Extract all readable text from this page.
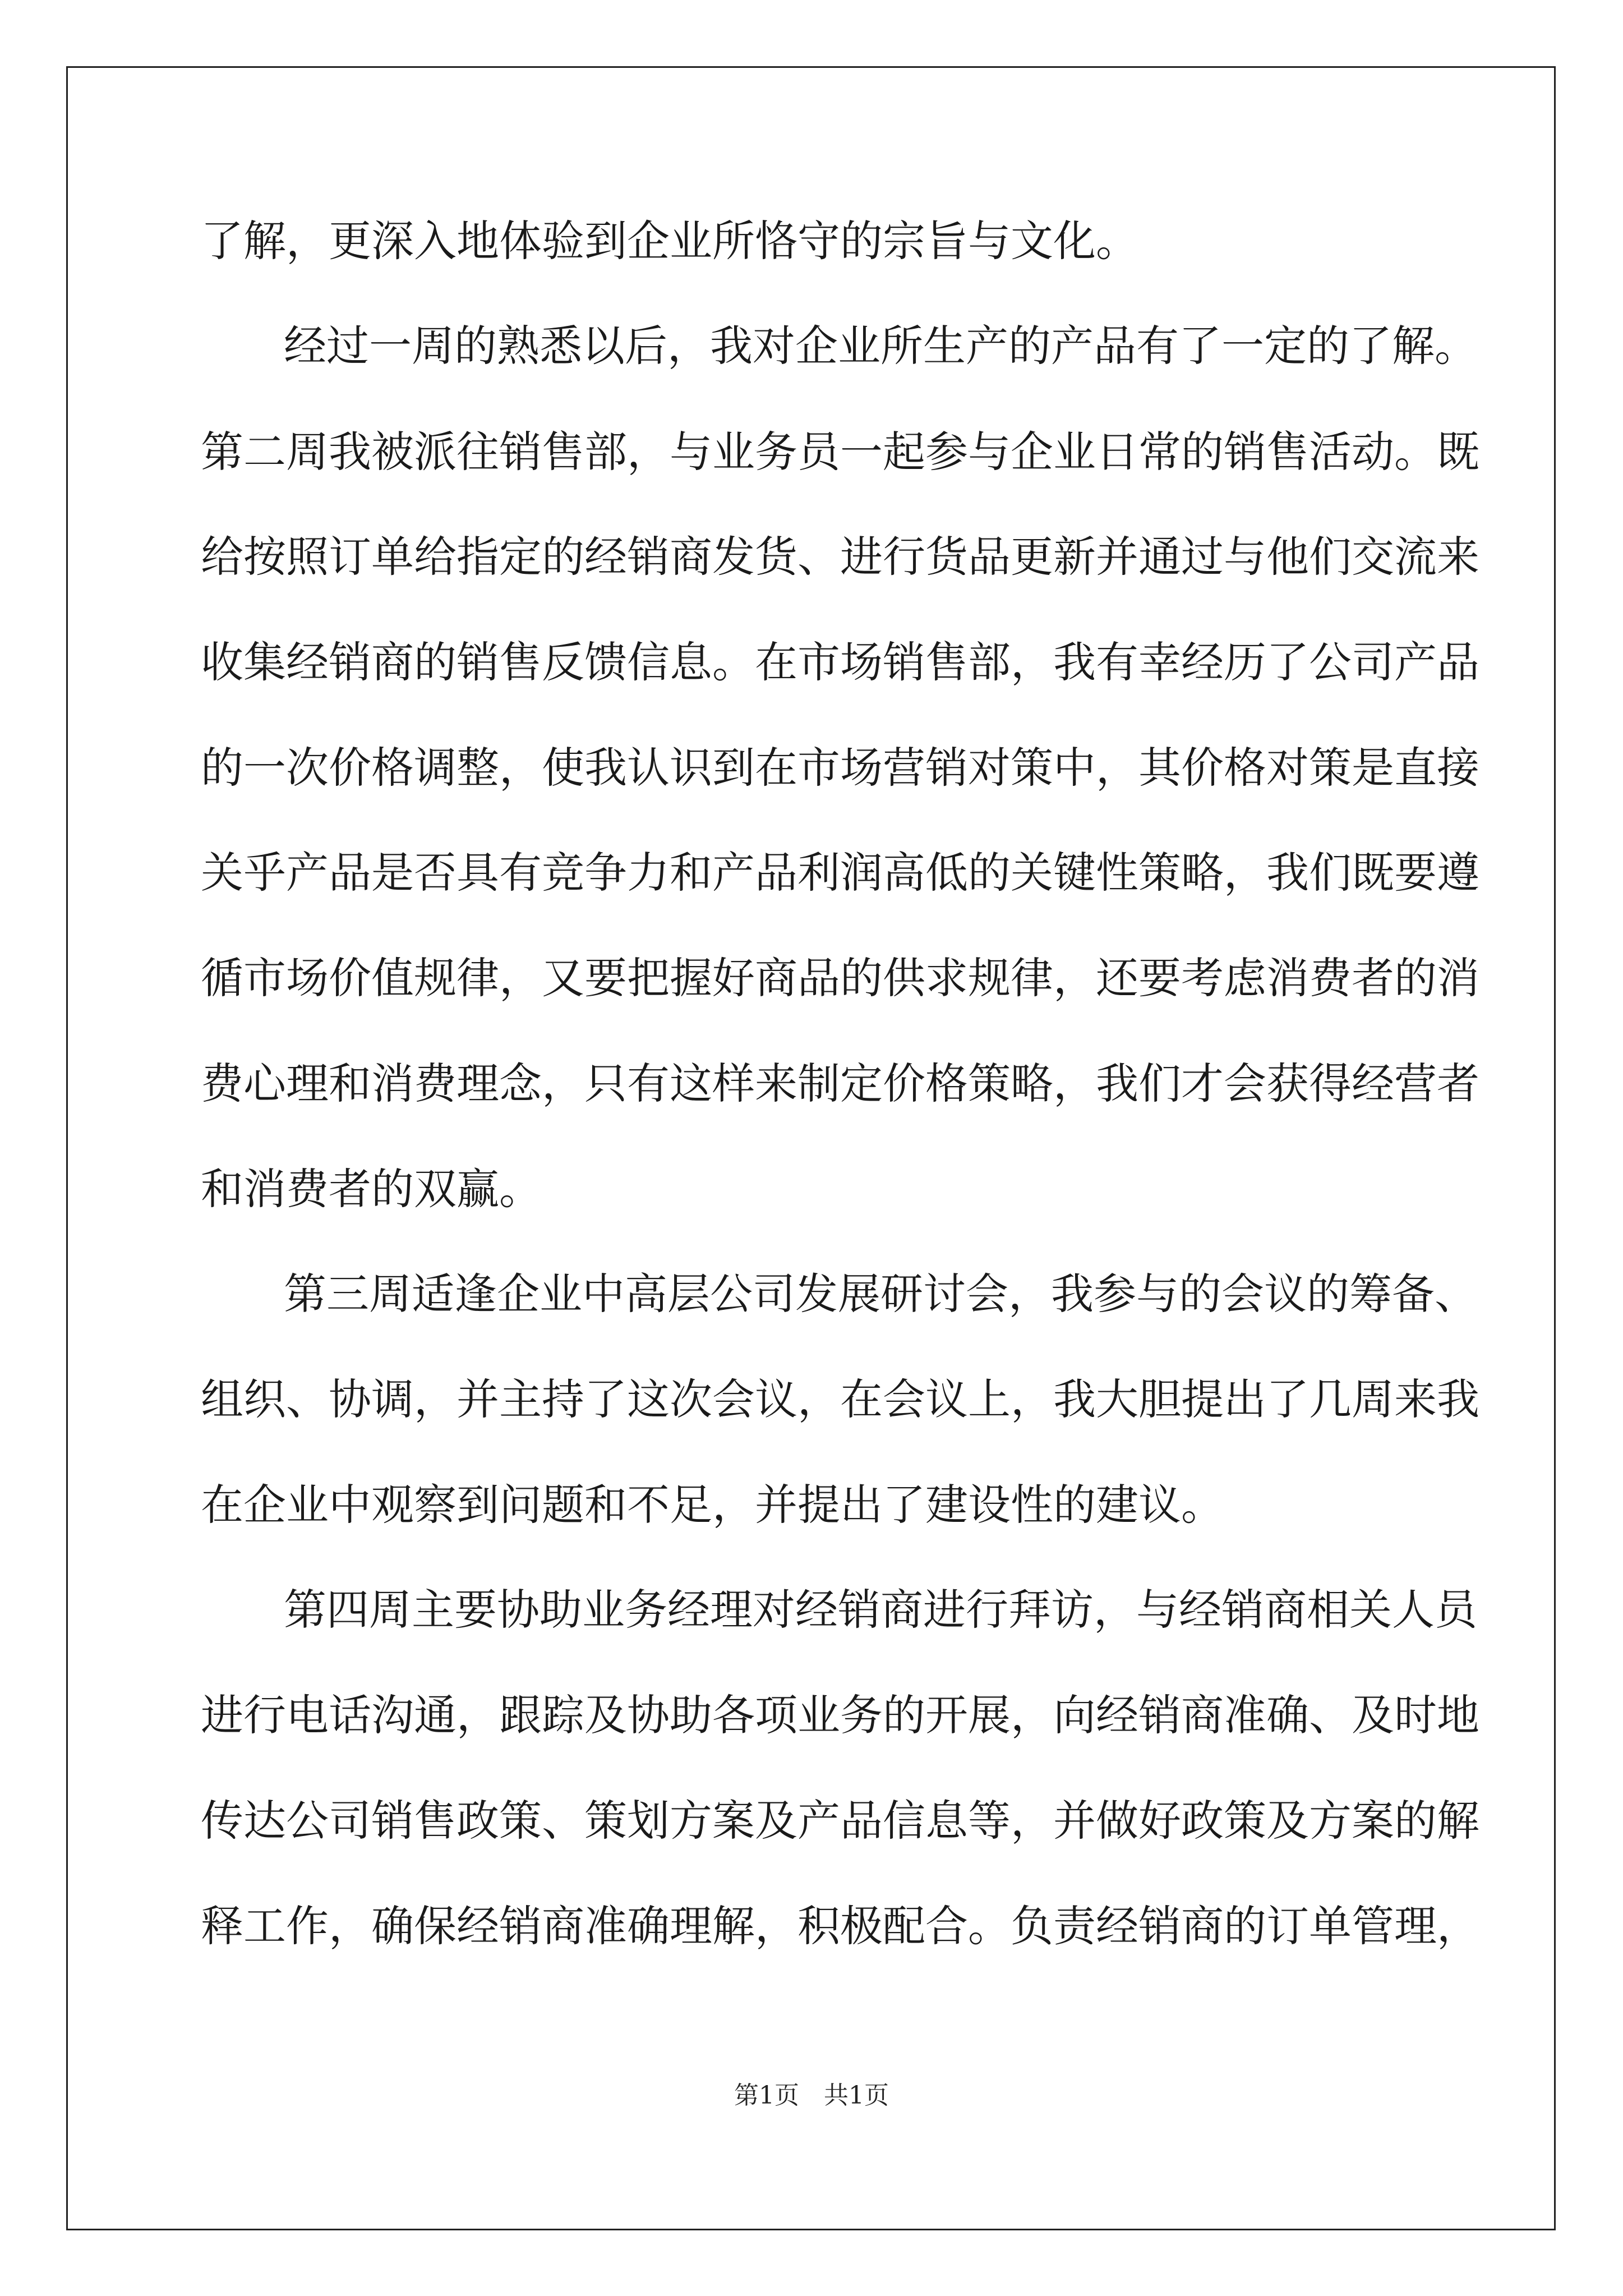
了解，更深入地体验到企业所恪守的宗旨与文化。
经过一周的熟悉以后，我对企业所生产的产品有了一定的了解。
第二周我被派往销售部，与业务员一起参与企业日常的销售活动。既
给按照订单给指定的经销商发货、进行货品更新并通过与他们交流来
收集经销商的销售反馈信息。在市场销售部，我有幸经历了公司产品
的一次价格调整，使我认识到在市场营销对策中，其价格对策是直接
关乎产品是否具有竞争力和产品利润高低的关键性策略，我们既要遵
循市场价值规律，又要把握好商品的供求规律，还要考虑消费者的消
费心理和消费理念，只有这样来制定价格策略，我们才会获得经营者
和消费者的双赢。
第三周适逢企业中高层公司发展研讨会，我参与的会议的筹备、
组织、协调，并主持了这次会议，在会议上，我大胆提出了几周来我
在企业中观察到问题和不足，并提出了建设性的建议。
第四周主要协助业务经理对经销商进行拜访，与经销商相关人员
进行电话沟通，跟踪及协助各项业务的开展，向经销商准确、及时地
传达公司销售政策、策划方案及产品信息等，并做好政策及方案的解
释工作，确保经销商准确理解，积极配合。负责经销商的订单管理，
第1页　共1页
